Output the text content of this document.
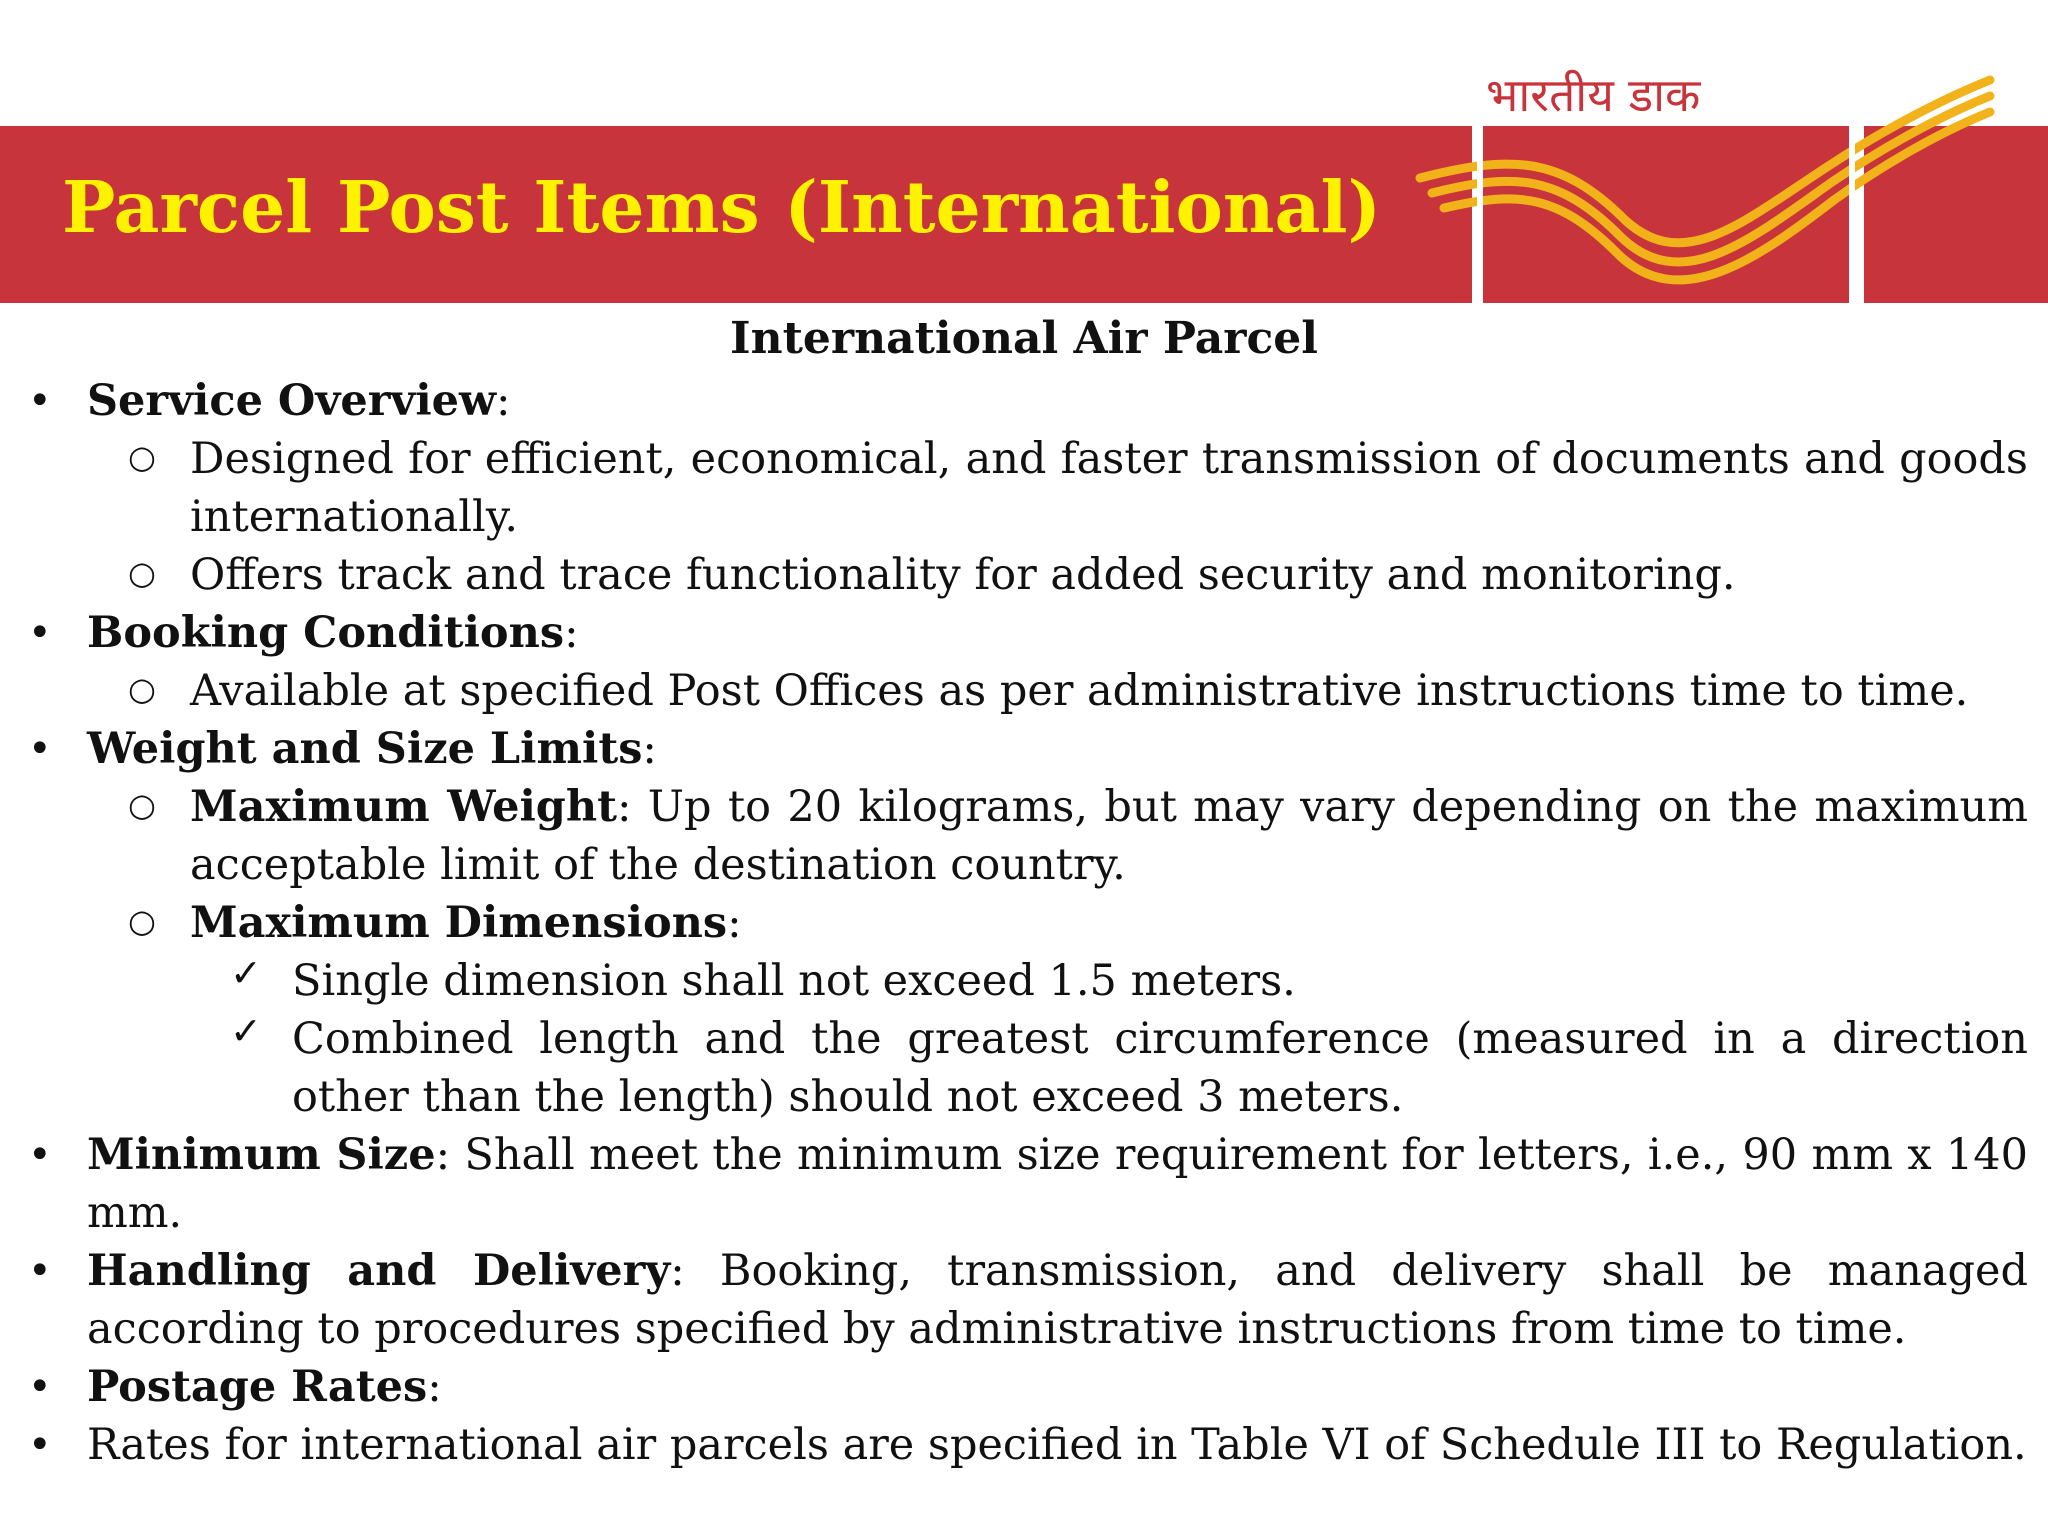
Parcel Post Items (International)
भारतीय डाक
International Air Parcel
• Service Overview:
○ Designed for efficient, economical, and faster transmission of documents and goods internationally.
○ Offers track and trace functionality for added security and monitoring.
• Booking Conditions:
○ Available at specified Post Offices as per administrative instructions time to time.
• Weight and Size Limits:
○ Maximum Weight: Up to 20 kilograms, but may vary depending on the maximum acceptable limit of the destination country.
○ Maximum Dimensions:
✓ Single dimension shall not exceed 1.5 meters.
✓ Combined length and the greatest circumference (measured in a direction other than the length) should not exceed 3 meters.
• Minimum Size: Shall meet the minimum size requirement for letters, i.e., 90 mm x 140 mm.
• Handling and Delivery: Booking, transmission, and delivery shall be managed according to procedures specified by administrative instructions from time to time.
• Postage Rates:
• Rates for international air parcels are specified in Table VI of Schedule III to Regulation.
